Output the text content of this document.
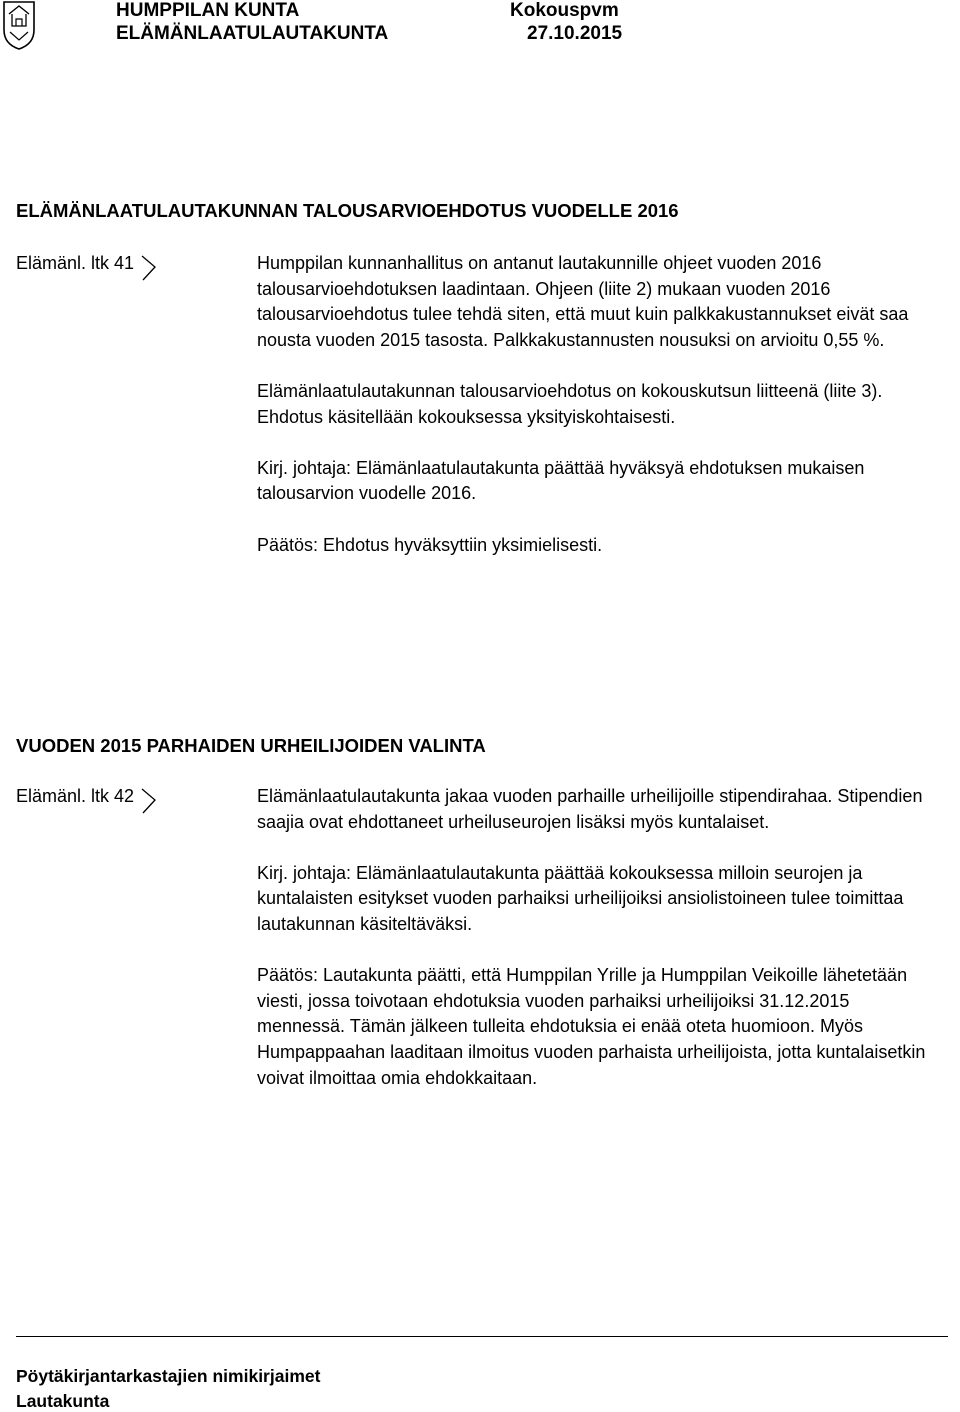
HUMPPILAN KUNTA
ELÄMÄNLAATULAUTAKUNTA
Kokouspvm
27.10.2015
ELÄMÄNLAATULAUTAKUNNAN TALOUSARVIOEHDOTUS VUODELLE 2016
Elämänl. ltk 41	Humppilan kunnanhallitus on antanut lautakunnille ohjeet vuoden 2016 talousarvioehdotuksen laadintaan. Ohjeen (liite 2) mukaan vuoden 2016 talousarvioehdotus tulee tehdä siten, että muut kuin palkkakustannukset eivät saa nousta vuoden 2015 tasosta. Palkkakustannusten nousuksi on arvioitu 0,55 %.

Elämänlaatulautakunnan talousarvioehdotus on kokouskutsun liitteenä (liite 3). Ehdotus käsitellään kokouksessa yksityiskohtaisesti.

Kirj. johtaja: Elämänlaatulautakunta päättää hyväksyä ehdotuksen mukaisen talousarvion vuodelle 2016.

Päätös: Ehdotus hyväksyttiin yksimielisesti.

VUODEN 2015 PARHAIDEN URHEILIJOIDEN VALINTA
Elämänl. ltk 42	Elämänlaatulautakunta jakaa vuoden parhaille urheilijoille stipendirahaa. Stipendien saajia ovat ehdottaneet urheiluseurojen lisäksi myös kuntalaiset.

Kirj. johtaja: Elämänlaatulautakunta päättää kokouksessa milloin seurojen ja kuntalaisten esitykset vuoden parhaiksi urheilijoiksi ansiolistoineen tulee toimittaa lautakunnan käsiteltäväksi.

Päätös: Lautakunta päätti, että Humppilan Yrille ja Humppilan Veikoille lähetetään viesti, jossa toivotaan ehdotuksia vuoden parhaiksi urheilijoiksi 31.12.2015 mennessä. Tämän jälkeen tulleita ehdotuksia ei enää oteta huomioon. Myös Humpappaahan laaditaan ilmoitus vuoden parhaista urheilijoista, jotta kuntalaisetkin voivat ilmoittaa omia ehdokkaitaan.

Pöytäkirjantarkastajien nimikirjaimet
Lautakunta
